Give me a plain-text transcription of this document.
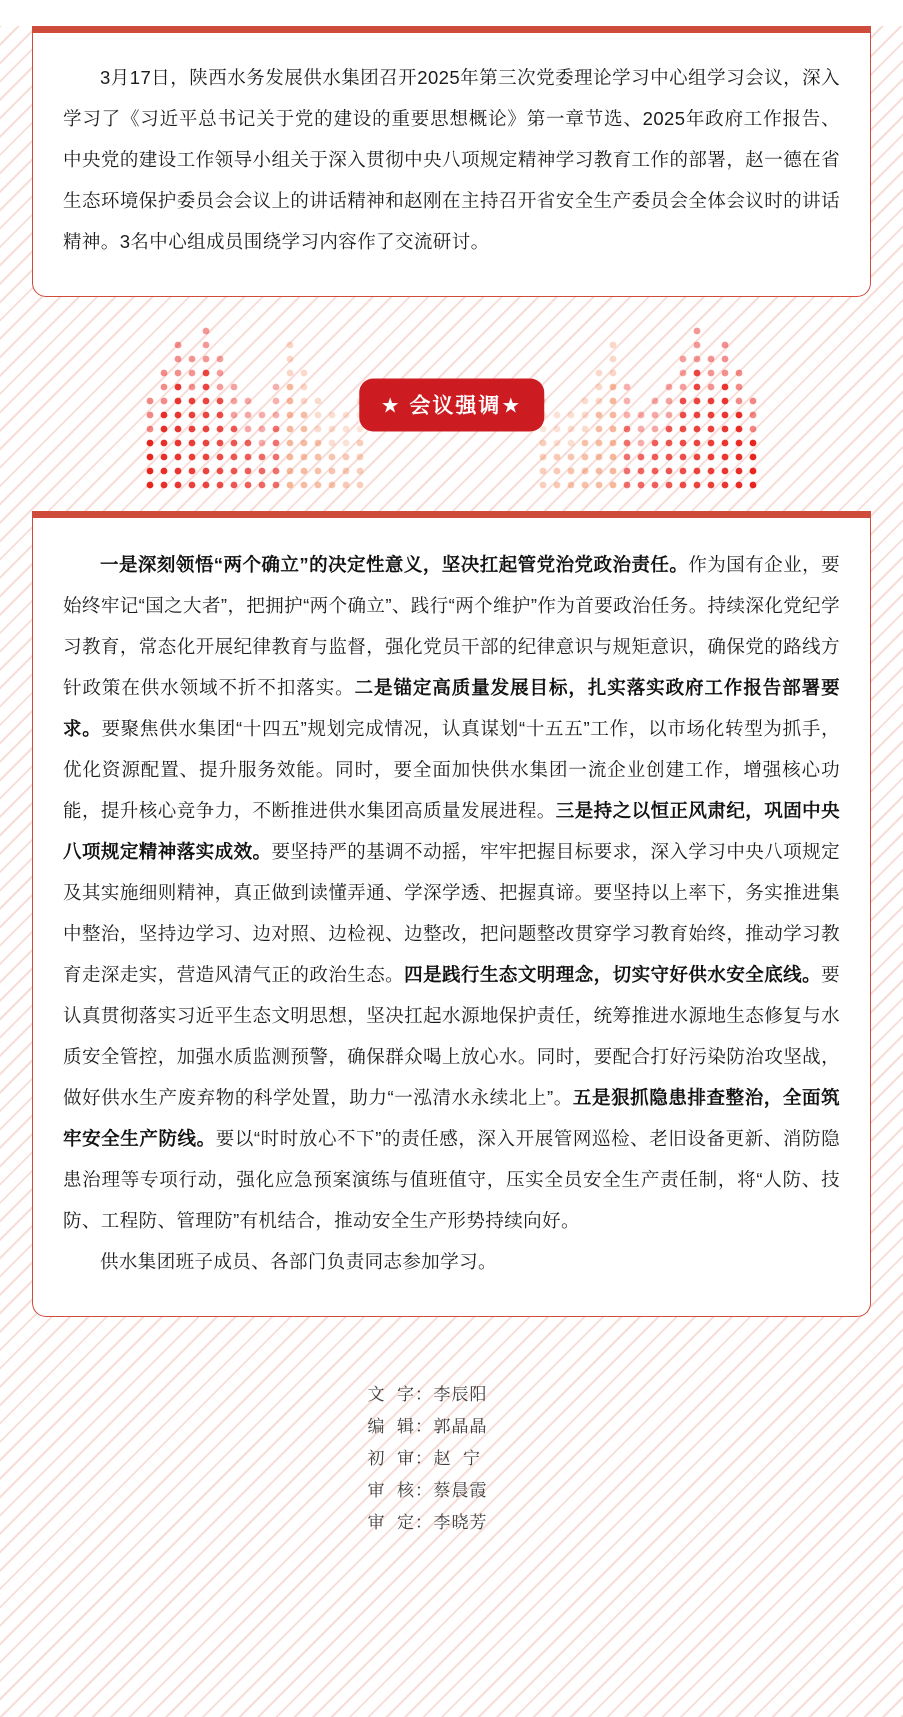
3月17日，陕西水务发展供水集团召开2025年第三次党委理论学习中心组学习会议，深入学习了《习近平总书记关于党的建设的重要思想概论》第一章节选、2025年政府工作报告、中央党的建设工作领导小组关于深入贯彻中央八项规定精神学习教育工作的部署，赵一德在省生态环境保护委员会会议上的讲话精神和赵刚在主持召开省安全生产委员会全体会议时的讲话精神。3名中心组成员围绕学习内容作了交流研讨。

★ 会议强调★

一是深刻领悟“两个确立”的决定性意义，坚决扛起管党治党政治责任。作为国有企业，要始终牢记“国之大者”，把拥护“两个确立”、践行“两个维护”作为首要政治任务。持续深化党纪学习教育，常态化开展纪律教育与监督，强化党员干部的纪律意识与规矩意识，确保党的路线方针政策在供水领域不折不扣落实。二是锚定高质量发展目标，扎实落实政府工作报告部署要求。要聚焦供水集团“十四五”规划完成情况，认真谋划“十五五”工作，以市场化转型为抓手，优化资源配置、提升服务效能。同时，要全面加快供水集团一流企业创建工作，增强核心功能，提升核心竞争力，不断推进供水集团高质量发展进程。三是持之以恒正风肃纪，巩固中央八项规定精神落实成效。要坚持严的基调不动摇，牢牢把握目标要求，深入学习中央八项规定及其实施细则精神，真正做到读懂弄通、学深学透、把握真谛。要坚持以上率下，务实推进集中整治，坚持边学习、边对照、边检视、边整改，把问题整改贯穿学习教育始终，推动学习教育走深走实，营造风清气正的政治生态。四是践行生态文明理念，切实守好供水安全底线。要认真贯彻落实习近平生态文明思想，坚决扛起水源地保护责任，统筹推进水源地生态修复与水质安全管控，加强水质监测预警，确保群众喝上放心水。同时，要配合打好污染防治攻坚战，做好供水生产废弃物的科学处置，助力“一泓清水永续北上”。五是狠抓隐患排查整治，全面筑牢安全生产防线。要以“时时放心不下”的责任感，深入开展管网巡检、老旧设备更新、消防隐患治理等专项行动，强化应急预案演练与值班值守，压实全员安全生产责任制，将“人防、技防、工程防、管理防”有机结合，推动安全生产形势持续向好。

供水集团班子成员、各部门负责同志参加学习。

文  字： 李辰阳
编  辑： 郭晶晶
初  审： 赵  宁
审  核： 蔡晨霞
审  定： 李晓芳
